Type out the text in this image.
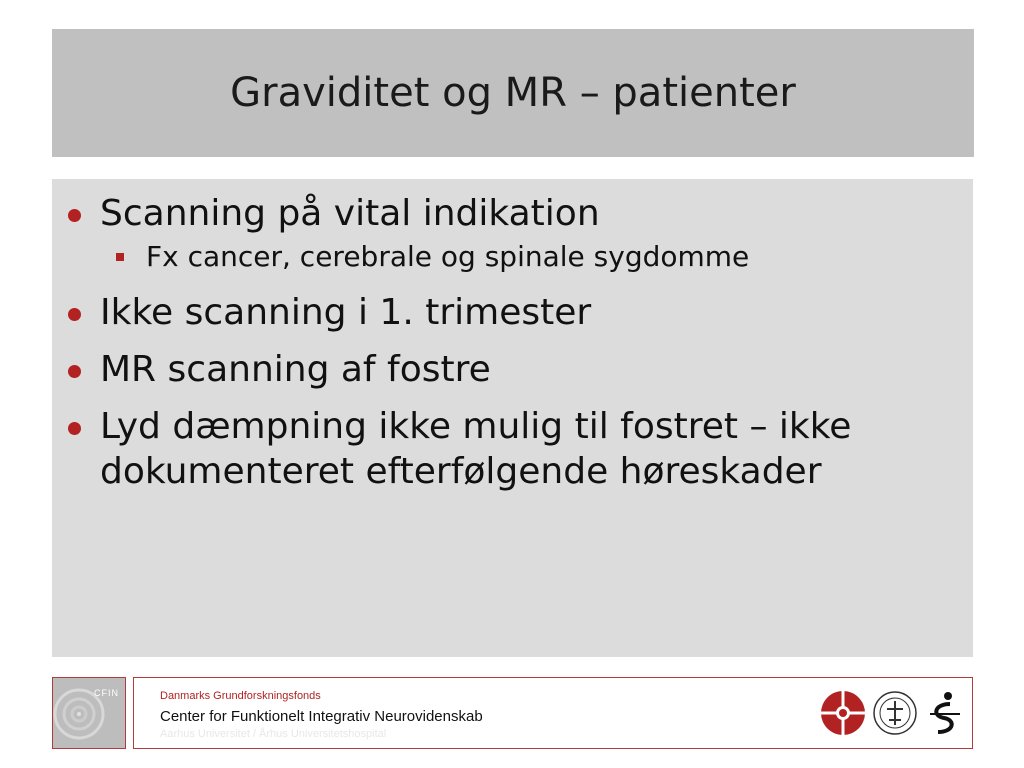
Graviditet og MR – patienter
Scanning på vital indikation
Fx cancer, cerebrale og spinale sygdomme
Ikke scanning i 1. trimester
MR scanning af fostre
Lyd dæmpning ikke mulig til fostret – ikke dokumenteret efterfølgende høreskader
CFIN	Danmarks Grundforskningsfonds
Center for Funktionelt Integrativ Neurovidenskab
Aarhus Universitet / Århus Universitetshospital
